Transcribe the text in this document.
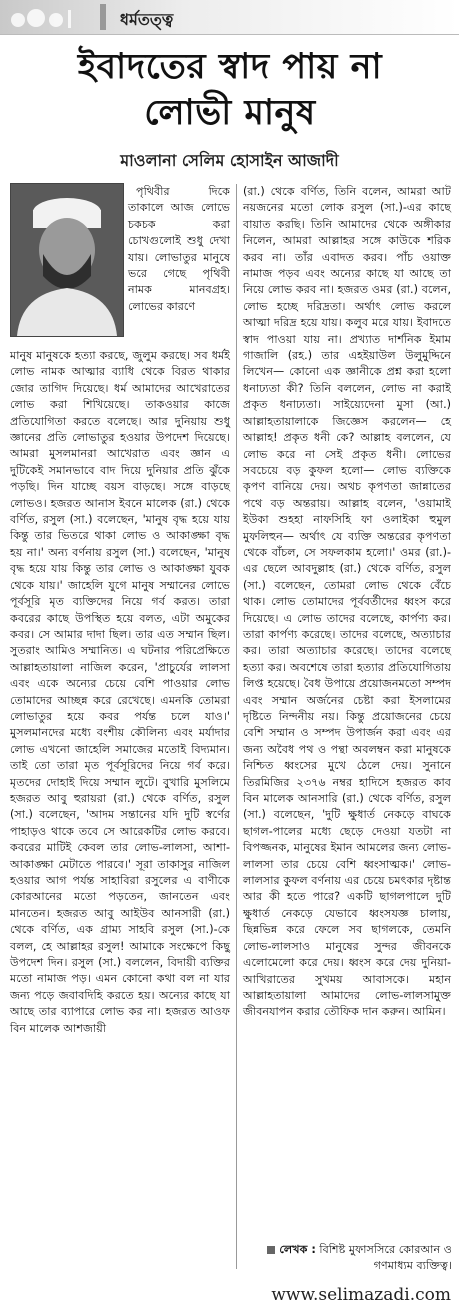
ধর্মতত্ত্ব
ইবাদতের স্বাদ পায় না
লোভী মানুষ
মাওলানা সেলিম হোসাইন আজাদী

পৃথিবীর দিকে তাকালে আজ লোভে চকচক করা চোখগুলোই শুধু দেখা যায়। লোভাতুর মানুষে ভরে গেছে পৃথিবী নামক মানবগ্রহ। লোভের কারণে

মানুষ মানুষকে হত্যা করছে, জুলুম করছে। সব ধর্মই লোভ নামক আত্মার ব্যাধি থেকে বিরত থাকার জোর তাগিদ দিয়েছে। ধর্ম আমাদের আখেরাতের লোভ করা শিখিয়েছে। তাকওয়ার কাজে প্রতিযোগিতা করতে বলেছে। আর দুনিয়ায় শুধু জ্ঞানের প্রতি লোভাতুর হওয়ার উপদেশ দিয়েছে। আমরা মুসলমানরা আখেরাত এবং জ্ঞান এ দুটিকেই সমানভাবে বাদ দিয়ে দুনিয়ার প্রতি ঝুঁকে পড়ছি। দিন যাচ্ছে বয়স বাড়ছে। সঙ্গে বাড়ছে লোভও। হজরত আনাস ইবনে মালেক (রা.) থেকে বর্ণিত, রসুল (সা.) বলেছেন, 'মানুষ বৃদ্ধ হয়ে যায় কিন্তু তার ভিতরে থাকা লোভ ও আকাঙ্ক্ষা বৃদ্ধ হয় না।' অন্য বর্ণনায় রসুল (সা.) বলেছেন, 'মানুষ বৃদ্ধ হয়ে যায় কিন্তু তার লোভ ও আকাঙ্ক্ষা যুবক থেকে যায়।' জাহেলি যুগে মানুষ সম্মানের লোভে পূর্বসূরি মৃত ব্যক্তিদের নিয়ে গর্ব করত। তারা কবরের কাছে উপস্থিত হয়ে বলত, এটা অমুকের কবর। সে আমার দাদা ছিল। তার এত সম্মান ছিল। সুতরাং আমিও সম্মানিত। এ ঘটনার পরিপ্রেক্ষিতে আল্লাহতায়ালা নাজিল করেন, 'প্রাচুর্যের লালসা এবং একে অন্যের চেয়ে বেশি পাওয়ার লোভ তোমাদের আচ্ছন্ন করে রেখেছে। এমনকি তোমরা লোভাতুর হয়ে কবর পর্যন্ত চলে যাও।' মুসলমানদের মধ্যে বংশীয় কৌলিন্য এবং মর্যাদার লোভ এখনো জাহেলি সমাজের মতোই বিদ্যমান। তাই তো তারা মৃত পূর্বসূরিদের নিয়ে গর্ব করে। মৃতদের দোহাই দিয়ে সম্মান লুটে। বুখারি মুসলিমে হজরত আবু হুরায়রা (রা.) থেকে বর্ণিত, রসুল (সা.) বলেছেন, 'আদম সন্তানের যদি দুটি স্বর্ণের পাহাড়ও থাকে তবে সে আরেকটির লোভ করবে। কবরের মাটিই কেবল তার লোভ-লালসা, আশা-আকাঙ্ক্ষা মেটাতে পারবে।' সূরা তাকাসুর নাজিল হওয়ার আগ পর্যন্ত সাহাবিরা রসুলের এ বাণীকে কোরআনের মতো পড়তেন, জানতেন এবং মানতেন। হজরত আবু আইউব আনসারী (রা.) থেকে বর্ণিত, এক গ্রাম্য সাহবি রসুল (সা.)-কে বলল, হে আল্লাহর রসুল! আমাকে সংক্ষেপে কিছু উপদেশ দিন। রসুল (সা.) বললেন, বিদায়ী ব্যক্তির মতো নামাজ পড়। এমন কোনো কথা বল না যার জন্য পড়ে জবাবদিহি করতে হয়। অন্যের কাছে যা আছে তার ব্যাপারে লোভ কর না। হজরত আওফ বিন মালেক আশজায়ী
(রা.) থেকে বর্ণিত, তিনি বলেন, আমরা আট নয়জনের মতো লোক রসুল (সা.)-এর কাছে বায়াত করছি। তিনি আমাদের থেকে অঙ্গীকার নিলেন, আমরা আল্লাহর সঙ্গে কাউকে শরিক করব না। তাঁর এবাদত করব। পাঁচ ওয়াক্ত নামাজ পড়ব এবং অন্যের কাছে যা আছে তা নিয়ে লোভ করব না। হজরত ওমর (রা.) বলেন, লোভ হচ্ছে দরিদ্রতা। অর্থাৎ লোভ করলে আত্মা দরিদ্র হয়ে যায়। কলুব মরে যায়। ইবাদতে স্বাদ পাওয়া যায় না। প্রখ্যাত দার্শনিক ইমাম গাজালি (রহ.) তার এহইয়াউল উলুমুদ্দিনে লিখেন— কোনো এক জ্ঞানীকে প্রশ্ন করা হলো ধনাঢ্যতা কী? তিনি বললেন, লোভ না করাই প্রকৃত ধনাঢ্যতা। সাইয়্যেদেনা মুসা (আ.) আল্লাহতায়ালাকে জিজ্ঞেস করলেন— হে আল্লাহ! প্রকৃত ধনী কে? আল্লাহ বললেন, যে লোভ করে না সেই প্রকৃত ধনী। লোভের সবচেয়ে বড় কুফল হলো— লোভ ব্যক্তিকে কৃপণ বানিয়ে দেয়। অথচ কৃপণতা জান্নাতের পথে বড় অন্তরায়। আল্লাহ বলেন, 'ওয়ামাই ইউকা শুহহা নাফসিহি ফা ওলাইকা হুমুল মুফলিহুন— অর্থাৎ যে ব্যক্তি অন্তরের কৃপণতা থেকে বাঁচল, সে সফলকাম হলো।' ওমর (রা.)-এর ছেলে আবদুল্লাহ (রা.) থেকে বর্ণিত, রসুল (সা.) বলেছেন, তোমরা লোভ থেকে বেঁচে থাক। লোভ তোমাদের পূর্ববর্তীদের ধ্বংস করে দিয়েছে। এ লোভ তাদের বলেছে, কার্পণ্য কর। তারা কার্পণ্য করেছে। তাদের বলেছে, অত্যাচার কর। তারা অত্যাচার করেছে। তাদের বলেছে হত্যা কর। অবশেষে তারা হত্যার প্রতিযোগিতায় লিপ্ত হয়েছে। বৈধ উপায়ে প্রয়োজনমতো সম্পদ এবং সম্মান অর্জনের চেষ্টা করা ইসলামের দৃষ্টিতে নিন্দনীয় নয়। কিন্তু প্রয়োজনের চেয়ে বেশি সম্মান ও সম্পদ উপার্জন করা এবং এর জন্য অবৈধ পথ ও পন্থা অবলম্বন করা মানুষকে নিশ্চিত ধ্বংসের মুখে ঠেলে দেয়। সুনানে তিরমিজির ২৩৭৬ নম্বর হাদিসে হজরত কাব বিন মালেক আনসারি (রা.) থেকে বর্ণিত, রসুল (সা.) বলেছেন, 'দুটি ক্ষুধার্ত নেকড়ে বাঘকে ছাগল-পালের মধ্যে ছেড়ে দেওয়া যতটা না বিপজ্জনক, মানুষের ইমান আমলের জন্য লোভ-লালসা তার চেয়ে বেশি ধ্বংসাত্মক।' লোভ-লালসার কুফল বর্ণনায় এর চেয়ে চমৎকার দৃষ্টান্ত আর কী হতে পারে? একটি ছাগলপালে দুটি ক্ষুধার্ত নেকড়ে যেভাবে ধ্বংসযজ্ঞ চালায়, ছিন্নভিন্ন করে ফেলে সব ছাগলকে, তেমনি লোভ-লালসাও মানুষের সুন্দর জীবনকে এলোমেলো করে দেয়। ধ্বংস করে দেয় দুনিয়া-আখিরাতের সুখময় আবাসকে। মহান আল্লাহতায়ালা আমাদের লোভ-লালসামুক্ত জীবনযাপন করার তৌফিক দান করুন। আমিন।
লেখক : বিশিষ্ট মুফাসসিরে কোরআন ও গণমাধ্যম ব্যক্তিত্ব।
www.selimazadi.com
